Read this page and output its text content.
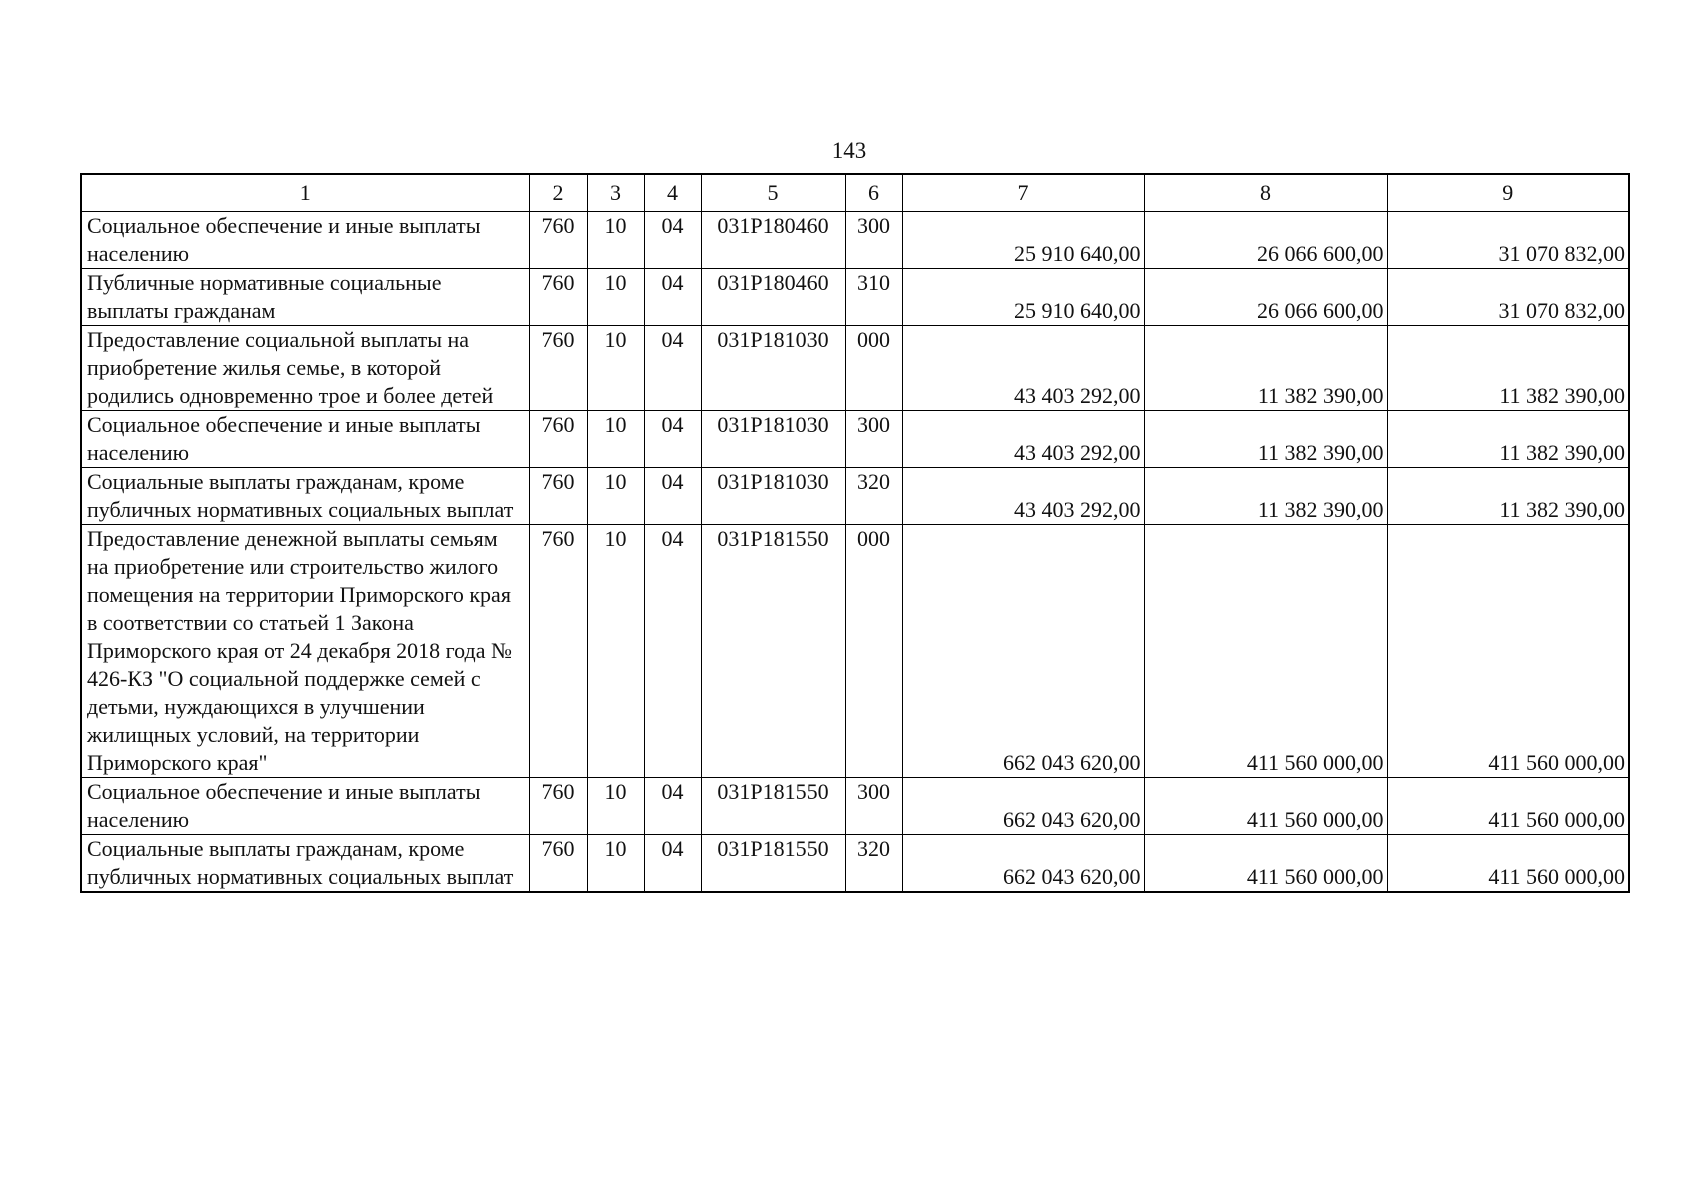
143
1	2	3	4	5	6	7	8	9
Социальное обеспечение и иные выплаты населению	760	10	04	031P180460	300	25 910 640,00	26 066 600,00	31 070 832,00
Публичные нормативные социальные выплаты гражданам	760	10	04	031P180460	310	25 910 640,00	26 066 600,00	31 070 832,00
Предоставление социальной выплаты на приобретение жилья семье, в которой родились одновременно трое и более детей	760	10	04	031P181030	000	43 403 292,00	11 382 390,00	11 382 390,00
Социальное обеспечение и иные выплаты населению	760	10	04	031P181030	300	43 403 292,00	11 382 390,00	11 382 390,00
Социальные выплаты гражданам, кроме публичных нормативных социальных выплат	760	10	04	031P181030	320	43 403 292,00	11 382 390,00	11 382 390,00
Предоставление денежной выплаты семьям на приобретение или строительство жилого помещения на территории Приморского края в соответствии со статьей 1 Закона Приморского края от 24 декабря 2018 года № 426-КЗ "О социальной поддержке семей с детьми, нуждающихся в улучшении жилищных условий, на территории Приморского края"	760	10	04	031P181550	000	662 043 620,00	411 560 000,00	411 560 000,00
Социальное обеспечение и иные выплаты населению	760	10	04	031P181550	300	662 043 620,00	411 560 000,00	411 560 000,00
Социальные выплаты гражданам, кроме публичных нормативных социальных выплат	760	10	04	031P181550	320	662 043 620,00	411 560 000,00	411 560 000,00
